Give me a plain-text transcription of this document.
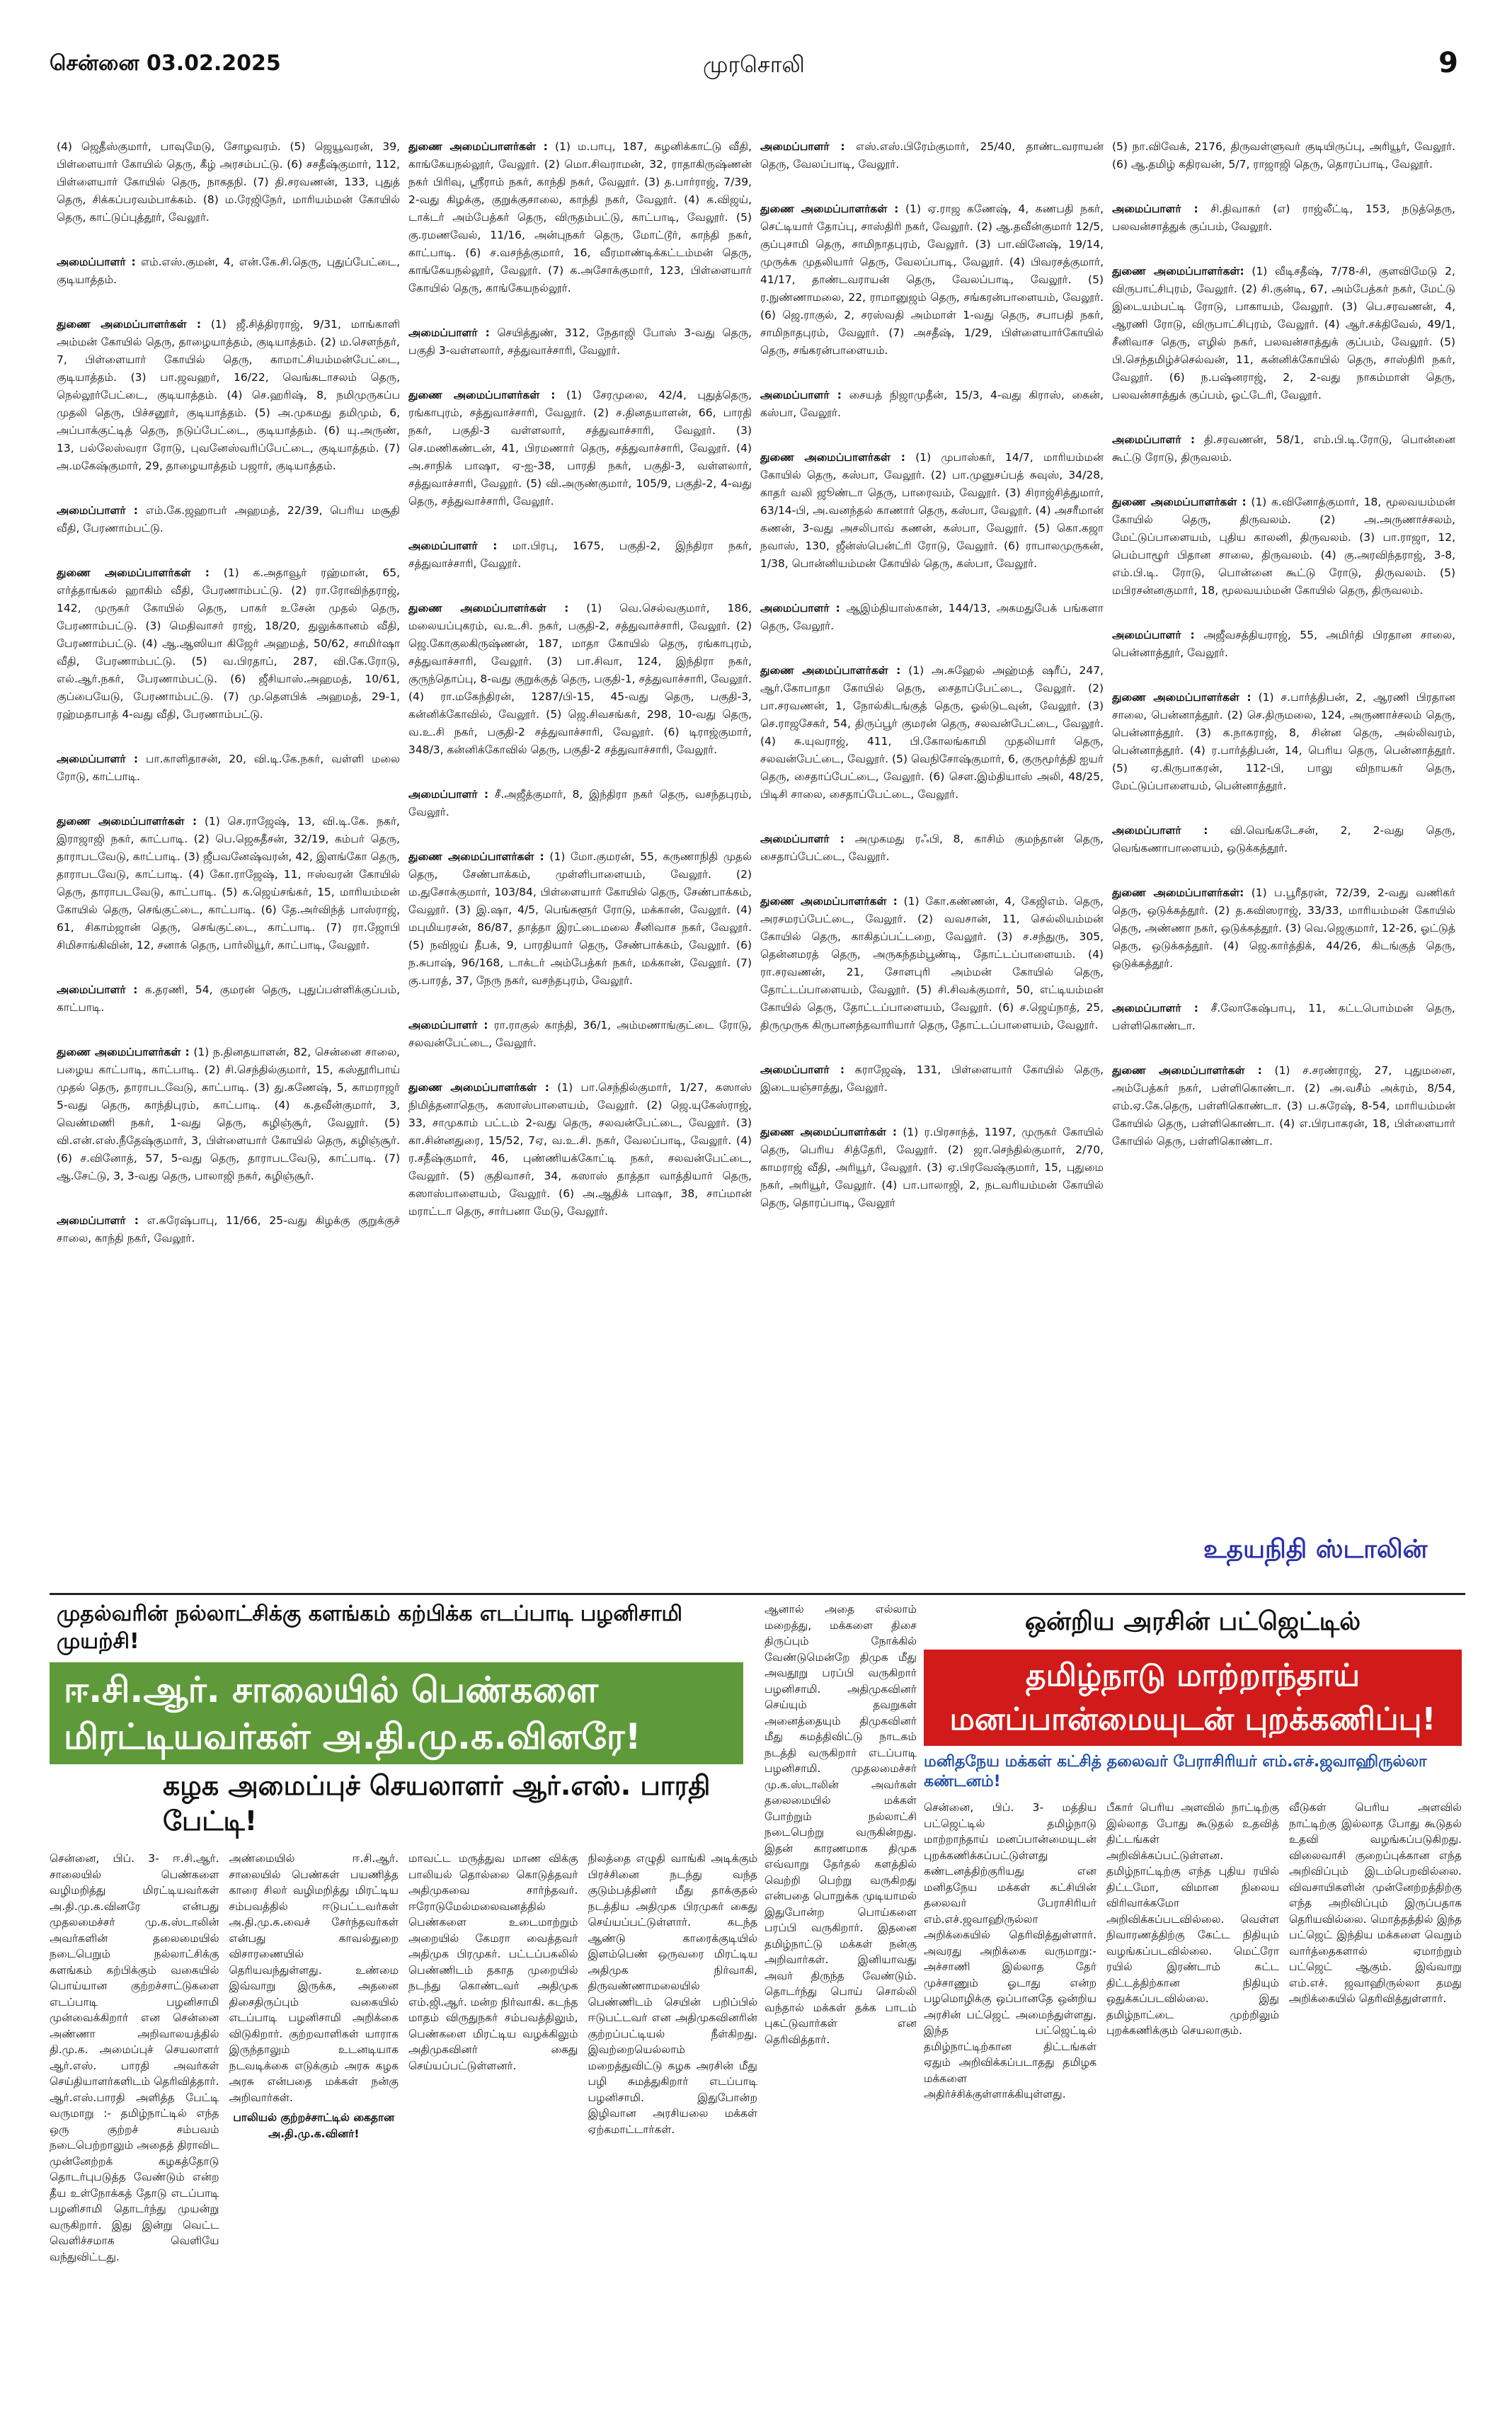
சென்னை 03.02.2025	முரசொலி	9
(4) ஜெதீஸ்குமார், பாவுமேடு, சோழவரம். (5) ஜெயூவரன், 39, பிள்ளையார் கோயில் தெரு, கீழ் அரசம்பட்டு. (6) சசதீஷ்குமார், 112, பிள்ளையார் கோயில் தெரு, நாகதநி. (7) தி.சரவணன், 133, புதுத் தெரு, சிக்கப்பரவம்பாக்கம். (8) ம.ரேஜிநேர், மாரியம்மன் கோயில் தெரு, காட்டுப்புத்தூர், வேலூர்.
அமைப்பாளர் : எம்.எஸ்.குமன், 4, என்.கே.சி.தெரு, புதுப்பேட்டை, குடியாத்தம்.
துணை அமைப்பாளர்கள் : (1) ஜீ.சித்திரராஜ், 9/31, மாங்காளி அம்மன் கோயில் தெரு, தாழையாத்தம், குடியாத்தம். (2) ம.செளந்தர், 7, பிள்ளையார் கோயில் தெரு, காமாட்சியம்மன்பேட்டை, குடியாத்தம். (3) பா.ஜவஹர், 16/22, வெங்கடாசலம் தெரு, நெல்லூர்பேட்டை, குடியாத்தம். (4) செ.ஹரிஷ், 8, நமிமுருகப்ப முதலி தெரு, பிச்சனூர், குடியாத்தம். (5) அ.முகமது தமிமும், 6, அப்பாக்குட்டித் தெரு, நடுப்பேட்டை, குடியாத்தம். (6) யு.அருண், 13, பல்லேஸ்வரா ரோடு, புவனேஸ்வரிப்பேட்டை, குடியாத்தம். (7) அ.மகேஷ்குமார், 29, தாழையாத்தம் பஜார், குடியாத்தம்.
அமைப்பாளர் : எம்.கே.ஜஹாபர் அஹமத், 22/39, பெரிய மசூதி வீதி, பேரணாம்பட்டு.
துணை அமைப்பாளர்கள் : (1) க.அதாவூர் ரஹ்மான், 65, எர்த்தாங்கல் ஹாகிம் வீதி, பேரணாம்பட்டு. (2) ரா.ரோவிந்தராஜ், 142, முருகர் கோயில் தெரு, பாகர் உசேன் முதல் தெரு, பேரணாம்பட்டு. (3) மெதிவாசர் ராஜ், 18/20, துலுக்கானம் வீதி, பேரணாம்பட்டு. (4) ஆ.ஆஸியா கிஜேர் அஹமத், 50/62, சாமிர்ஷா வீதி, பேரணாம்பட்டு. (5) வ.பிரதாப், 287, வி.கே.ரோடு, எல்.ஆர்.நகர், பேரணாம்பட்டு. (6) ஜீசியாஸ்.அஹமத், 10/61, குப்பையேடு, பேரணாம்பட்டு. (7) மு.தெளபிக் அஹமத், 29-1, ரஹ்மதாபாத் 4-வது வீதி, பேரணாம்பட்டு.
அமைப்பாளர் : பா.காளிதாசன், 20, வி.டி.கே.நகர், வள்ளி மலை ரோடு, காட்பாடி.
துணை அமைப்பாளர்கள் : (1) செ.ராஜேஷ், 13, வி.டி.கே. நகர், இராஜாஜி நகர், காட்பாடி. (2) பெ.ஜெகதீசன், 32/19, கம்பர் தெரு, தாராபடவேடு, காட்பாடி. (3) ஜீபவனேஷ்வரன், 42, இளங்கோ தெரு, தாராபடவேடு, காட்பாடி. (4) கோ.ராஜேஷ், 11, ஈஸ்வரன் கோயில் தெரு, தாராபடவேடு, காட்பாடி. (5) க.ஜெய்சங்கர், 15, மாரியம்மன் கோயில் தெரு, செங்குட்டை, காட்பாடி. (6) தே.அர்விந்த் பாஸ்ராஜ், 61, சிகாம்ஜான் தெரு, செங்குட்டை, காட்பாடி. (7) ரா.ஜோபி சிமிசாங்கிவின், 12, சனாக் தெரு, பார்லியூர், காட்பாடி, வேலூர்.
அமைப்பாளர் : க.தரணி, 54, குமரன் தெரு, புதுப்பள்ளிக்குப்பம், காட்பாடி.
துணை அமைப்பாளர்கள் : (1) ந.தினதயாளன், 82, சென்னை சாலை, பழைய காட்பாடி, காட்பாடி. (2) சி.செந்தில்குமார், 15, கஸ்தூரிபாய் முதல் தெரு, தாராபடவேடு, காட்பாடி. (3) து.கணேஷ், 5, காமராஜர் 5-வது தெரு, காந்திபுரம், காட்பாடி. (4) க.தவீன்குமார், 3, வெண்மணி நகர், 1-வது தெரு, கழிஞ்சூர், வேலூர். (5) வி.என்.எஸ்.நீதேஷ்குமார், 3, பிள்ளையார் கோயில் தெரு, கழிஞ்சூர். (6) ச.வினோத், 57, 5-வது தெரு, தாராபடவேடு, காட்பாடி. (7) ஆ.சேட்டு, 3, 3-வது தெரு, பாலாஜி நகர், கழிஞ்சூர்.
அமைப்பாளர் : எ.சுரேஷ்பாபு, 11/66, 25-வது கிழக்கு குறுக்குச் சாலை, காந்தி நகர், வேலூர்.
துணை அமைப்பாளர்கள் : (1) ம.பாபு, 187, கழனிக்காட்டு வீதி, காங்கேயநல்லூர், வேலூர். (2) மொ.சிவராமன், 32, ராதாகிருஷ்ணன் நகர் பிரிவு, ஸ்ரீராம் நகர், காந்தி நகர், வேலூர். (3) த.பார்ராஜ், 7/39, 2-வது கிழக்கு, குறுக்குசாலை, காந்தி நகர், வேலூர். (4) க.விஜய், டாக்டர் அம்பேத்கர் தெரு, விருதம்பட்டு, காட்பாடி, வேலூர். (5) கு.ரமணவேல், 11/16, அன்புநகர் தெரு, மோட்டூர், காந்தி நகர், காட்பாடி. (6) ச.வசந்த்குமார், 16, வீரமாண்டிக்கட்டம்மன் தெரு, காங்கேயநல்லூர், வேலூர். (7) க.அசோக்குமார், 123, பிள்ளையார் கோயில் தெரு, காங்கேயநல்லூர்.
அமைப்பாளர் : செயித்துண், 312, நேதாஜி போஸ் 3-வது தெரு, பகுதி 3-வள்ளலார், சத்துவாச்சாரி, வேலூர்.
துணை அமைப்பாளர்கள் : (1) சேரமுலை, 42/4, புதுத்தெரு, ரங்காபுரம், சத்துவாச்சாரி, வேலூர். (2) ச.தினதயாளன், 66, பாரதி நகர், பகுதி-3 வள்ளலார், சத்துவாச்சாரி, வேலூர். (3) செ.மணிகண்டன், 41, பிரமணார் தெரு, சத்துவாச்சாரி, வேலூர். (4) அ.சாநிக் பாஷா, ஏ-ஐ-38, பாரதி நகர், பகுதி-3, வள்ளலார், சத்துவாச்சாரி, வேலூர். (5) வி.அருண்குமார், 105/9, பகுதி-2, 4-வது தெரு, சத்துவாச்சாரி, வேலூர்.
அமைப்பாளர் : மா.பிரபு, 1675, பகுதி-2, இந்திரா நகர், சத்துவாச்சாரி, வேலூர்.
துணை அமைப்பாளர்கள் : (1) வெ.செல்வகுமார், 186, மலையப்புகரம், வ.உ.சி. நகர், பகுதி-2, சத்துவாச்சாரி, வேலூர். (2) ஜெ.கோகுலகிருஷ்ணன், 187, மாதா கோயில் தெரு, ரங்காபுரம், சத்துவாச்சாரி, வேலூர். (3) பா.சிவா, 124, இந்திரா நகர், குருந்தொப்பு, 8-வது குறுக்குத் தெரு, பகுதி-1, சத்துவாச்சாரி, வேலூர். (4) ரா.மகேந்திரன், 1287/பி-15, 45-வது தெரு, பகுதி-3, கன்னிக்கோவில், வேலூர். (5) ஜெ.சிவசங்கர், 298, 10-வது தெரு, வ.உ.சி நகர், பகுதி-2 சத்துவாச்சாரி, வேலூர். (6) டிராஜ்குமார், 348/3, கன்னிக்கோவில் தெரு, பகுதி-2 சத்துவாச்சாரி, வேலூர்.
அமைப்பாளர் : சீ.அஜீத்குமார், 8, இந்திரா நகர் தெரு, வசந்தபுரம், வேலூர்.
துணை அமைப்பாளர்கள் : (1) மோ.குமரன், 55, கருணாநிதி முதல் தெரு, சேண்பாக்கம், முள்ளிபாளையம், வேலூர். (2) ம.துசோக்குமார், 103/84, பிள்ளையார் கோயில் தெரு, சேண்பாக்கம், வேலூர். (3) இ.ஷா, 4/5, பெங்களூர் ரோடு, மக்கான், வேலூர். (4) மபுமியரசன், 86/87, தாத்தா இரட்டைமலை சீனிவாச நகர், வேலூர். (5) நவிஜய் தீபக், 9, பாரதியார் தெரு, சேண்பாக்கம், வேலூர். (6) ந.சுபாஷ், 96/168, டாக்டர் அம்பேத்கர் நகர், மக்கான், வேலூர். (7) கு.பாரத், 37, நேரு நகர், வசந்தபுரம், வேலூர்.
அமைப்பாளர் : ரா.ராகுல் காந்தி, 36/1, அம்மணாங்குட்டை ரோடு, சலவன்பேட்டை, வேலூர்.
துணை அமைப்பாளர்கள் : (1) பா.செந்தில்குமார், 1/27, கஸாஸ் நிமித்தனாதெரு, கஸாஸ்பாளையம், வேலூர். (2) ஜெ.யுகேஸ்ராஜ், 33, சாமுகாம் பட்டம் 2-வது தெரு, சலவன்பேட்டை, வேலூர். (3) கா.சின்னதுரை, 15/52, 7ஏ, வ.உ.சி. நகர், வேலப்பாடி, வேலூர். (4) ர.சதீஷ்குமார், 46, புண்ணியக்கோட்டி நகர், சலவன்பேட்டை, வேலூர். (5) குதிவாசர், 34, கஸாஸ் தாத்தா வாத்தியார் தெரு, கஸாஸ்பாளையம், வேலூர். (6) அ.ஆதிக் பாஷா, 38, சாப்மான் மராட்டா தெரு, சார்பனா மேடு, வேலூர்.
அமைப்பாளர் : எஸ்.எஸ்.பிரேம்குமார், 25/40, தாண்டவராயன் தெரு, வேலப்பாடி, வேலூர்.
துணை அமைப்பாளர்கள் : (1) ஏ.ராஜ கணேஷ், 4, கணபதி நகர், செட்டியார் தோப்பு, சாஸ்திரி நகர், வேலூர். (2) ஆ.தவீன்குமார் 12/5, குப்புசாமி தெரு, சாமிநாதபுரம், வேலூர். (3) பா.வினேஷ், 19/14, முருக்க முதலியார் தெரு, வேலப்பாடி, வேலூர். (4) பிவரசத்குமார், 41/17, தாண்டவராயன் தெரு, வேலப்பாடி, வேலூர். (5) ர.நுண்ணாமலை, 22, ராமானுஜம் தெரு, சங்கரன்பாளையம், வேலூர். (6) ஜெ.ராகுல், 2, சரஸ்வதி அம்மாள் 1-வது தெரு, சபாபதி நகர், சாமிநாதபுரம், வேலூர். (7) அசதீஷ், 1/29, பிள்ளையார்கோயில் தெரு, சங்கரன்பாளையம்.
அமைப்பாளர் : சையத் நிஜாமுதீன், 15/3, 4-வது கிராஸ், கைன், கஸ்பா, வேலூர்.
துணை அமைப்பாளர்கள் : (1) முபாஸ்கர், 14/7, மாரியம்மன் கோயில் தெரு, கஸ்பா, வேலூர். (2) பா.முனுசப்பத் சுவுஸ், 34/28, காதர் வலி ஜூண்டா தெரு, பாரைவம், வேலூர். (3) சிராஜ்சித்துமார், 63/14-பி, அ.வனந்தல் காணார் தெரு, கஸ்பா, வேலூர். (4) அசரீமான் கணன், 3-வது அசலிபாவ் கணன், கஸ்பா, வேலூர். (5) கொ.கஜா நவாஸ், 130, ஜீன்ஸ்பென்ட்ரி ரோடு, வேலூர். (6) ராபாலமுருகன், 1/38, பொன்னியம்மன் கோயில் தெரு, கஸ்பா, வேலூர்.
அமைப்பாளர் : ஆஇம்தியாஸ்கான், 144/13, அகமதுபேக் பங்களா தெரு, வேலூர்.
துணை அமைப்பாளர்கள் : (1) அ.சுஹேல் அஹ்மத் ஷரீப், 247, ஆர்.கோபாதா கோயில் தெரு, சைதாப்பேட்டை, வேலூர். (2) பா.சரவணன், 1, நோல்கிடங்குத் தெரு, ஓல்டுடவுன், வேலூர். (3) செ.ராஜசேகர், 54, திருப்பூர் குமரன் தெரு, சலவன்பேட்டை, வேலூர். (4) சு.யுவராஜ், 411, பி.கோலங்காமி முதலியார் தெரு, சலவன்பேட்டை, வேலூர். (5) வெநிசோஷ்குமார், 6, குருமூர்த்தி ஐயர் தெரு, சைதாப்பேட்டை, வேலூர். (6) செள.இம்தியாஸ் அலி, 48/25, பிடிசி சாலை, சைதாப்பேட்டை, வேலூர்.
அமைப்பாளர் : அமுகமது ரஃபி, 8, காசிம் குமந்தான் தெரு, சைதாப்பேட்டை, வேலூர்.
துணை அமைப்பாளர்கள் : (1) கோ.கண்ணன், 4, கேஜிஎம். தெரு, அரசமரப்பேட்டை, வேலூர். (2) வவசான், 11, செல்லியம்மன் கோயில் தெரு, காகிதப்பட்டறை, வேலூர். (3) ச.சந்துரு, 305, தென்னமரத் தெரு, அருகந்தம்பூண்டி, தோட்டப்பாளையம். (4) ரா.சரவணன், 21, சோளபுரி அம்மன் கோயில் தெரு, தோட்டப்பாளையம், வேலூர். (5) சி.சிவக்குமார், 50, எட்டியம்மன் கோயில் தெரு, தோட்டப்பாளையம், வேலூர். (6) ச.ஜெய்நாத், 25, திருமுருக கிருபானந்தவாரியார் தெரு, தோட்டப்பாளையம், வேலூர்.
அமைப்பாளர் : கராஜேஷ், 131, பிள்ளையார் கோயில் தெரு, இடையஞ்சாத்து, வேலூர்.
துணை அமைப்பாளர்கள் : (1) ர.பிரசாந்த், 1197, முருகர் கோயில் தெரு, பெரிய சித்தேரி, வேலூர். (2) ஜா.செந்தில்குமார், 2/70, காமராஜ் வீதி, அரியூர், வேலூர். (3) ஏ.பிரவேஷ்குமார், 15, புதுமை நகர், அரியூர், வேலூர். (4) பா.பாலாஜி, 2, நடவரியம்மன் கோயில் தெரு, தொரப்பாடி, வேலூர்
(5) நா.விவேக், 2176, திருவள்ளுவர் குடியிருப்பு, அரியூர், வேலூர். (6) ஆ.தமிழ் கதிரவன், 5/7, ராஜாஜி தெரு, தொரப்பாடி, வேலூர்.
அமைப்பாளர் : சி.திவாகர் (எ) ராஜ்லீட்டி, 153, நடுத்தெரு, பலவன்சாத்துக் குப்பம், வேலூர்.
துணை அமைப்பாளர்கள்: (1) வீடிசதீஷ், 7/78-சி, குளவிமேடு 2, விருபாட்சிபுரம், வேலூர். (2) சி.குன்டி, 67, அம்பேத்கர் நகர், மேட்டு இடையம்பட்டி ரோடு, பாகாயம், வேலூர். (3) பெ.சரவணன், 4, ஆரணி ரோடு, விருபாட்சிபுரம், வேலூர். (4) ஆர்.சக்திவேல், 49/1, சீனிவாச தெரு, எழில் நகர், பலவன்சாத்துக் குப்பம், வேலூர். (5) பி.செந்தமிழ்ச்செல்வன், 11, கன்னிக்கோயில் தெரு, சாஸ்திரி நகர், வேலூர். (6) ந.பஷ்னராஜ், 2, 2-வது நாகம்மாள் தெரு, பலவன்சாத்துக் குப்பம், ஓட்டேரி, வேலூர்.
அமைப்பாளர் : தி.சரவணன், 58/1, எம்.பி.டி.ரோடு, பொன்னை கூட்டு ரோடு, திருவலம்.
துணை அமைப்பாளர்கள் : (1) க.வினோத்குமார், 18, மூலவயம்மன் கோயில் தெரு, திருவலம். (2) அ.அருணாச்சலம், மேட்டுப்பாளையம், புதிய காலனி, திருவலம். (3) பா.ராஜா, 12, பெம்பாழூர் பிதான சாலை, திருவலம். (4) கு.அரவிந்தராஜ், 3-8, எம்.பி.டி. ரோடு, பொன்னை கூட்டு ரோடு, திருவலம். (5) மபிரசன்னகுமார், 18, மூலவயம்மன் கோயில் தெரு, திருவலம்.
அமைப்பாளர் : அஜீவசத்தியராஜ், 55, அமிர்தி பிரதான சாலை, பென்னாத்தூர், வேலூர்.
துணை அமைப்பாளர்கள் : (1) ச.பார்த்திபன், 2, ஆரணி பிரதான சாலை, பென்னாத்தூர். (2) செ.திருமலை, 124, அருணாச்சலம் தெரு, பென்னாத்தூர். (3) க.நாகராஜ், 8, சின்ன தெரு, அல்லிவரம், பென்னாத்தூர். (4) ர.பார்த்திபன், 14, பெரிய தெரு, பென்னாத்தூர். (5) ஏ.கிருபாகரன், 112-பி, பாலு விநாயகர் தெரு, மேட்டுப்பாளையம், பென்னாத்தூர்.
அமைப்பாளர் : வி.வெங்கடேசன், 2, 2-வது தெரு, வெங்கணாபாளையம், ஒடுக்கத்தூர்.
துணை அமைப்பாளர்கள்: (1) ப.பூரீதரன், 72/39, 2-வது வணிகர் தெரு, ஒடுக்கத்தூர். (2) த.கவிஸராஜ், 33/33, மாரியம்மன் கோயில் தெரு, அண்ணா நகர், ஒடுக்கத்தூர். (3) வெ.ஜெகுமார், 12-26, ஓட்டுத் தெரு, ஒடுக்கத்தூர். (4) ஜெ.கார்த்திக், 44/26, கிடங்குத் தெரு, ஒடுக்கத்தூர்.
அமைப்பாளர் : சீ.லோகேஷ்பாபு, 11, கட்டபொம்மன் தெரு, பள்ளிகொண்டா.
துணை அமைப்பாளர்கள் : (1) ச.சரண்ராஜ், 27, புதுமனை, அம்பேத்கர் நகர், பள்ளிகொண்டா. (2) அ.வசீம் அக்ரம், 8/54, எம்.ஏ.கே.தெரு, பள்ளிகொண்டா. (3) ப.சுரேஷ், 8-54, மாரியம்மன் கோயில் தெரு, பள்ளிகொண்டா. (4) எ.பிரபாகரன், 18, பிள்ளையார் கோயில் தெரு, பள்ளிகொண்டா.
உதயநிதி ஸ்டாலின்
முதல்வரின் நல்லாட்சிக்கு களங்கம் கற்பிக்க எடப்பாடி பழனிசாமி முயற்சி!
ஈ.சி.ஆர். சாலையில் பெண்களை மிரட்டியவர்கள் அ.தி.மு.க.வினரே!
கழக அமைப்புச் செயலாளர் ஆர்.எஸ். பாரதி பேட்டி!
சென்னை, பிப். 3- ஈ.சி.ஆர். சாலையில் பெண்களை வழிமறித்து மிரட்டியவர்கள் அ.தி.மு.க.வினரே என்பது முதலமைச்சர் மு.க.ஸ்டாலின் அவர்களின் தலைமையில் நடைபெறும் நல்லாட்சிக்கு களங்கம் கற்பிக்கும் வகையில் பொய்யான குற்றச்சாட்டுகளை எடப்பாடி பழனிசாமி முன்வைக்கிறார் என சென்னை அண்ணா அறிவாலயத்தில் தி.மு.க. அமைப்புச் செயலாளர் ஆர்.எஸ். பாரதி அவர்கள் செய்தியாளர்களிடம் தெரிவித்தார். ஆர்.எஸ்.பாரதி அளித்த பேட்டி வருமாறு :- தமிழ்நாட்டில் எந்த ஒரு குற்றச் சம்பவம் நடைபெற்றாலும் அதைத் திராவிட முன்னேற்றக் கழகத்தோடு தொடர்புபடுத்த வேண்டும் என்ற தீய உள்நோக்கத் தோடு எடப்பாடி பழனிசாமி தொடர்ந்து முயன்று வருகிறார். இது இன்று வெட்ட வெளிச்சமாக வெளியே வந்துவிட்டது.
அண்மையில் ஈ.சி.ஆர். சாலையில் பெண்கள் பயணித்த காரை சிலர் வழிமறித்து மிரட்டிய சம்பவத்தில் ஈடுபட்டவர்கள் அ.தி.மு.க.வைச் சேர்ந்தவர்கள் என்பது காவல்துறை விசாரணையில் தெரியவந்துள்ளது. உண்மை இவ்வாறு இருக்க, அதனை திசைதிருப்பும் வகையில் எடப்பாடி பழனிசாமி அறிக்கை விடுகிறார். குற்றவாளிகள் யாராக இருந்தாலும் உடனடியாக நடவடிக்கை எடுக்கும் அரசு கழக அரசு என்பதை மக்கள் நன்கு அறிவார்கள்.
பாலியல் குற்றச்சாட்டில் கைதான அ.தி.மு.க.வினர்!
மாவட்ட மருத்துவ மாண விக்கு பாலியல் தொல்லை கொடுத்தவர் அதிமுகவை சார்ந்தவர். ஈரோடுமேல்மலைவனத்தில் பெண்களை உடைமாற்றும் அறையில் கேமரா வைத்தவர் அதிமுக பிரமுகர். பட்டப்பகலில் பெண்ணிடம் தகாத முறையில் நடந்து கொண்டவர் அதிமுக எம்.ஜி.ஆர். மன்ற நிர்வாகி. கடந்த மாதம் விருதுநகர் சம்பவத்திலும், பெண்களை மிரட்டிய வழக்கிலும் அதிமுகவினர் கைது செய்யப்பட்டுள்ளனர்.
நிலத்தை எழுதி வாங்கி அடிக்கும் பிரச்சினை நடந்து வந்த குடும்பத்தினர் மீது தாக்குதல் நடத்திய அதிமுக பிரமுகர் கைது செய்யப்பட்டுள்ளார். கடந்த ஆண்டு காரைக்குடியில் இளம்பெண் ஒருவரை மிரட்டிய அதிமுக நிர்வாகி, திருவண்ணாமலையில் பெண்ணிடம் செயின் பறிப்பில் ஈடுபட்டவர் என அதிமுகவினரின் குற்றப்பட்டியல் நீள்கிறது. இவற்றையெல்லாம் மறைத்துவிட்டு கழக அரசின் மீது பழி சுமத்துகிறார் எடப்பாடி பழனிசாமி. இதுபோன்ற இழிவான அரசியலை மக்கள் ஏற்கமாட்டார்கள்.
ஆனால் அதை எல்லாம் மறைத்து, மக்களை திசை திருப்பும் நோக்கில் வேண்டுமென்றே திமுக மீது அவதூறு பரப்பி வருகிறார் பழனிசாமி. அதிமுகவினர் செய்யும் தவறுகள் அனைத்தையும் திமுகவினர் மீது சுமத்திவிட்டு நாடகம் நடத்தி வருகிறார் எடப்பாடி பழனிசாமி. முதலமைச்சர் மு.க.ஸ்டாலின் அவர்கள் தலைமையில் மக்கள் போற்றும் நல்லாட்சி நடைபெற்று வருகின்றது. இதன் காரணமாக திமுக எவ்வாறு தேர்தல் களத்தில் வெற்றி பெற்று வருகிறது என்பதை பொறுக்க முடியாமல் இதுபோன்ற பொய்களை பரப்பி வருகிறார். இதனை தமிழ்நாட்டு மக்கள் நன்கு அறிவார்கள். இனியாவது அவர் திருந்த வேண்டும். தொடர்ந்து பொய் சொல்லி வந்தால் மக்கள் தக்க பாடம் புகட்டுவார்கள் என தெரிவித்தார்.
ஒன்றிய அரசின் பட்ஜெட்டில்
தமிழ்நாடு மாற்றாந்தாய் மனப்பான்மையுடன் புறக்கணிப்பு!
மனிதநேய மக்கள் கட்சித் தலைவர் பேராசிரியர் எம்.எச்.ஜவாஹிருல்லா கண்டனம்!
சென்னை, பிப். 3- மத்திய பட்ஜெட்டில் தமிழ்நாடு மாற்றாந்தாய் மனப்பான்மையுடன் புறக்கணிக்கப்பட்டுள்ளது கண்டனத்திற்குரியது என மனிதநேய மக்கள் கட்சியின் தலைவர் பேராசிரியர் எம்.எச்.ஜவாஹிருல்லா அறிக்கையில் தெரிவித்துள்ளார். அவரது அறிக்கை வருமாறு:- அச்சாணி இல்லாத தேர் முச்சாணும் ஓடாது என்ற பழமொழிக்கு ஒப்பானதே ஒன்றிய அரசின் பட்ஜெட் அமைந்துள்ளது. இந்த பட்ஜெட்டில் தமிழ்நாட்டிற்கான திட்டங்கள் ஏதும் அறிவிக்கப்படாதது தமிழக மக்களை அதிர்ச்சிக்குள்ளாக்கியுள்ளது.
பீகார் பெரிய அளவில் நாட்டிற்கு இல்லாத போது கூடுதல் உதவித் திட்டங்கள் அறிவிக்கப்பட்டுள்ளன. தமிழ்நாட்டிற்கு எந்த புதிய ரயில் திட்டமோ, விமான நிலைய விரிவாக்கமோ அறிவிக்கப்படவில்லை. வெள்ள நிவாரணத்திற்கு கேட்ட நிதியும் வழங்கப்படவில்லை. மெட்ரோ ரயில் இரண்டாம் கட்ட திட்டத்திற்கான நிதியும் ஒதுக்கப்படவில்லை. இது தமிழ்நாட்டை முற்றிலும் புறக்கணிக்கும் செயலாகும்.
வீடுகள் பெரிய அளவில் நாட்டிற்கு இல்லாத போது கூடுதல் உதவி வழங்கப்படுகிறது. விலைவாசி குறைப்புக்கான எந்த அறிவிப்பும் இடம்பெறவில்லை. விவசாயிகளின் முன்னேற்றத்திற்கு எந்த அறிவிப்பும் இருப்பதாக தெரியவில்லை. மொத்தத்தில் இந்த பட்ஜெட் இந்திய மக்களை வெறும் வார்த்தைகளால் ஏமாற்றும் பட்ஜெட் ஆகும். இவ்வாறு எம்.எச். ஜவாஹிருல்லா தமது அறிக்கையில் தெரிவித்துள்ளார்.
